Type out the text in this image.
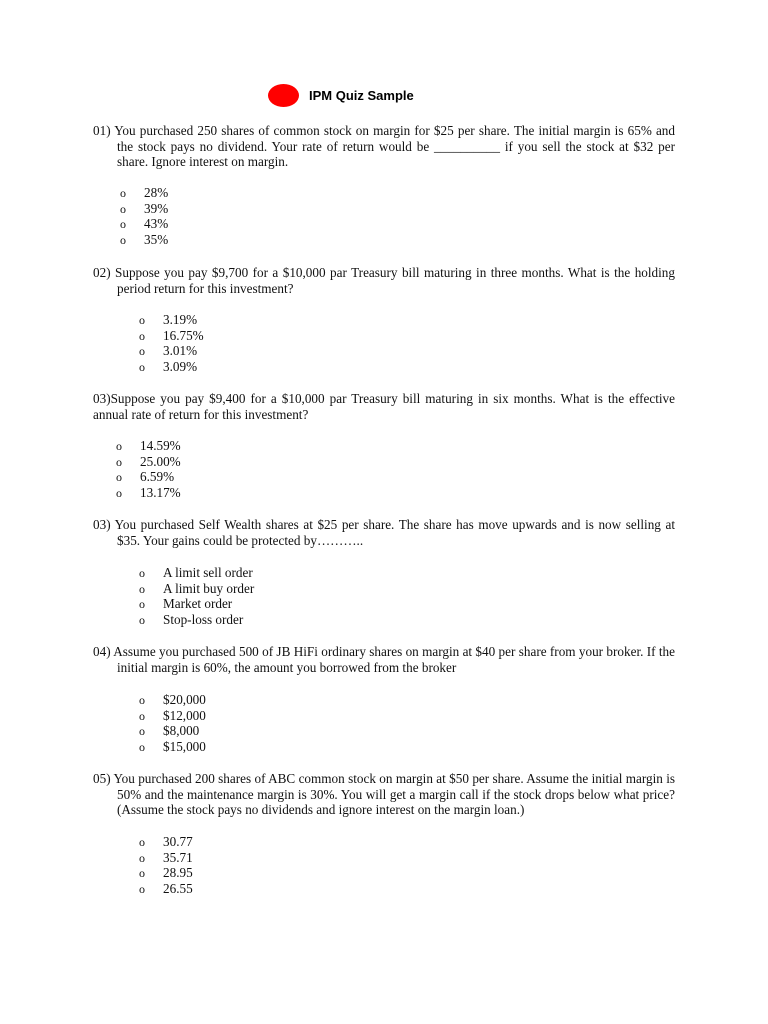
IPM Quiz Sample
01) You purchased 250 shares of common stock on margin for $25 per share. The initial margin is 65% and the stock pays no dividend. Your rate of return would be __________ if you sell the stock at $32 per share. Ignore interest on margin.
o	28%
o	39%
o	43%
o	35%
02) Suppose you pay $9,700 for a $10,000 par Treasury bill maturing in three months. What is the holding period return for this investment?
o	3.19%
o	16.75%
o	3.01%
o	3.09%
03)Suppose you pay $9,400 for a $10,000 par Treasury bill maturing in six months. What is the effective annual rate of return for this investment?
o	14.59%
o	25.00%
o	6.59%
o	13.17%
03) You purchased Self Wealth shares at $25 per share. The share has move upwards and is now selling at $35. Your gains could be protected by………..
o	A limit sell order
o	A limit buy order
o	Market order
o	Stop-loss order
04) Assume you purchased 500 of JB HiFi ordinary shares on margin at $40 per share from your broker. If the initial margin is 60%, the amount you borrowed from the broker
o	$20,000
o	$12,000
o	$8,000
o	$15,000
05) You purchased 200 shares of ABC common stock on margin at $50 per share. Assume the initial margin is 50% and the maintenance margin is 30%. You will get a margin call if the stock drops below what price? (Assume the stock pays no dividends and ignore interest on the margin loan.)
o	30.77
o	35.71
o	28.95
o	26.55
